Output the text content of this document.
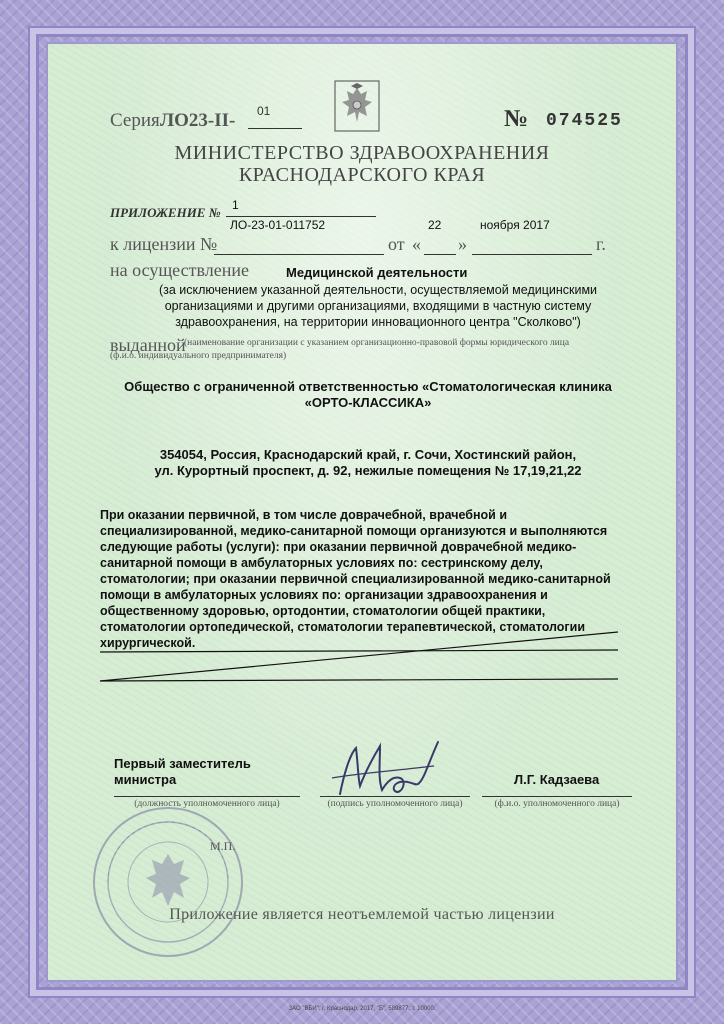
Серия ЛО23-II- 01	№ 074525
МИНИСТЕРСТВО ЗДРАВООХРАНЕНИЯ
КРАСНОДАРСКОГО КРАЯ
ПРИЛОЖЕНИЕ № 1
ЛО-23-01-011752	22	ноября 2017
к лицензии №	от « »	г.
на осуществление	Медицинской деятельности
(за исключением указанной деятельности, осуществляемой медицинскими
организациями и другими организациями, входящими в частную систему
здравоохранения, на территории инновационного центра "Сколково")
выданной
(наименование организации с указанием организационно-правовой формы юридического лица
(ф.и.о. индивидуального предпринимателя)
Общество с ограниченной ответственностью «Стоматологическая клиника
«ОРТО-КЛАССИКА»
354054, Россия, Краснодарский край, г. Сочи, Хостинский район,
ул. Курортный проспект, д. 92, нежилые помещения № 17,19,21,22
При оказании первичной, в том числе доврачебной, врачебной и
специализированной, медико-санитарной помощи организуются и выполняются
следующие работы (услуги): при оказании первичной доврачебной медико-
санитарной помощи в амбулаторных условиях по: сестринскому делу,
стоматологии; при оказании первичной специализированной медико-санитарной
помощи в амбулаторных условиях по: организации здравоохранения и
общественному здоровью, ортодонтии, стоматологии общей практики,
стоматологии ортопедической, стоматологии терапевтической, стоматологии
хирургической.
Первый заместитель
министра	Л.Г. Кадзаева
(должность уполномоченного лица)	(подпись уполномоченного лица)	(ф.и.о. уполномоченного лица)
М.П.
Приложение является неотъемлемой частью лицензии
ЗАО "ВБИ", г. Краснодар, 2017, "Б", 589877, т. 10000.
